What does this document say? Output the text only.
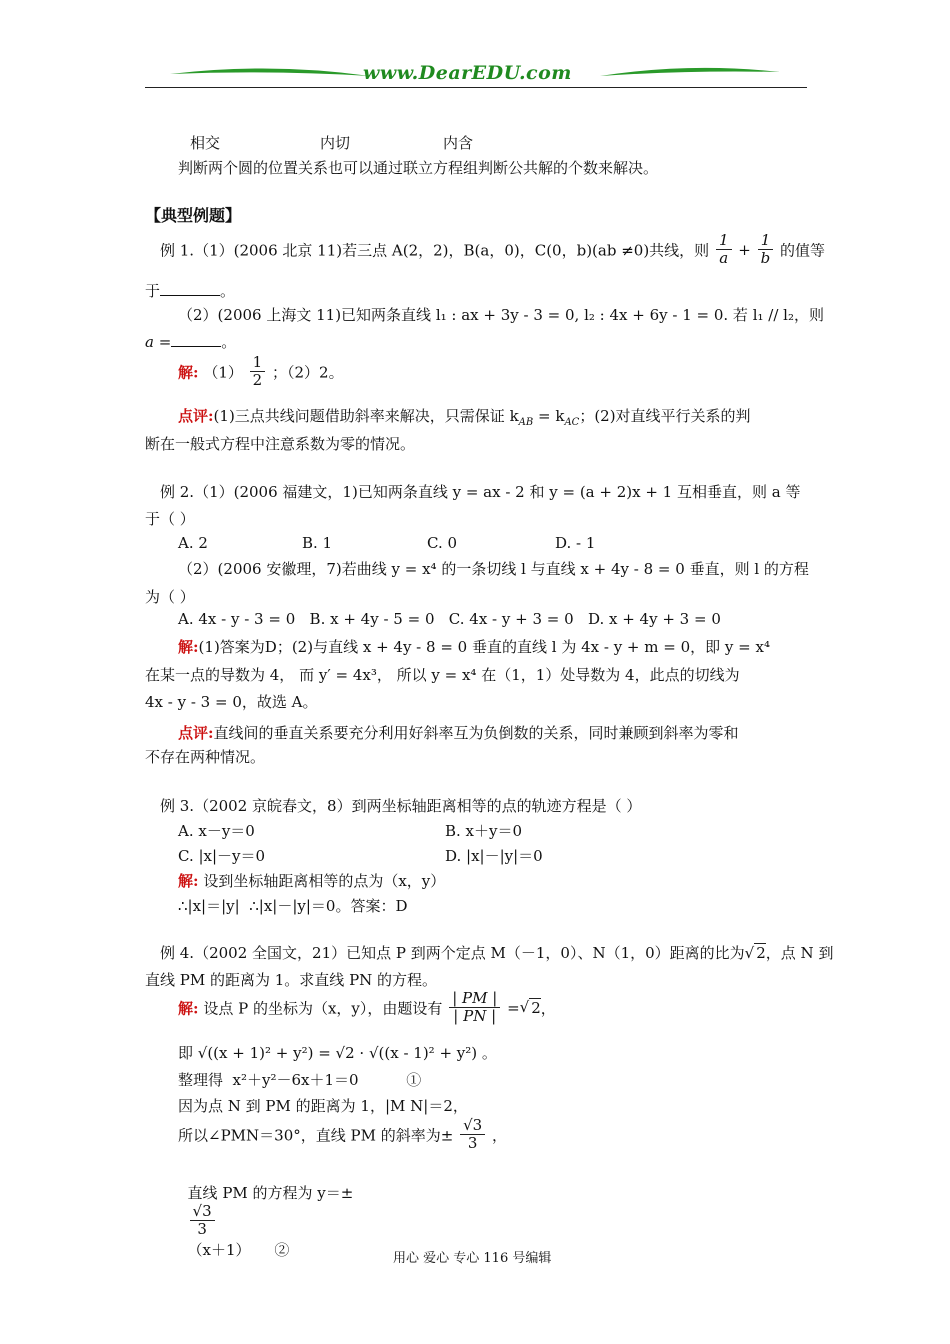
www.DearEDU.com
相交	内切	内含
判断两个圆的位置关系也可以通过联立方程组判断公共解的个数来解决。
【典型例题】
例 1.（1）(2006 北京 11)若三点 A(2，2)，B(a，0)，C(0，b)(ab ≠0)共线，则 $\frac{1}{a} + \frac{1}{b}$ 的值等
于	。
（2）(2006 上海文 11)已知两条直线 l₁ : ax + 3y - 3 = 0, l₂ : 4x + 6y - 1 = 0. 若 l₁ // l₂，则
a =	。
解: $(1) \frac{1}{2}$ ；（2）2。
点评:(1)三点共线问题借助斜率来解决，只需保证 $k_{AB} = k_{AC}$；(2)对直线平行关系的判
断在一般式方程中注意系数为零的情况。
例 2.（1）(2006 福建文，1)已知两条直线 y = ax - 2 和 y = (a + 2)x + 1 互相垂直，则 a 等
于（ ）
A. 2	B. 1	C. 0	D. - 1
（2）(2006 安徽理，7)若曲线 y = x⁴ 的一条切线 l 与直线 x + 4y - 8 = 0 垂直，则 l 的方程
为（ ）
A. 4x - y - 3 = 0   B. x + 4y - 5 = 0   C. 4x - y + 3 = 0   D. x + 4y + 3 = 0
解:(1)答案为D；(2)与直线 x + 4y - 8 = 0 垂直的直线 l 为 4x - y + m = 0，即 y = x⁴
在某一点的导数为 4， 而 y′ = 4x³， 所以 y = x⁴ 在（1，1）处导数为 4，此点的切线为
4x - y - 3 = 0，故选 A。
点评:直线间的垂直关系要充分利用好斜率互为负倒数的关系，同时兼顾到斜率为零和
不存在两种情况。
例 3.（2002 京皖春文，8）到两坐标轴距离相等的点的轨迹方程是（ ）
A. x－y＝0	B. x＋y＝0
C. |x|－y＝0	D. |x|－|y|＝0
解: 设到坐标轴距离相等的点为（x，y）
∴|x|＝|y|  ∴|x|－|y|＝0。答案：D
例 4.（2002 全国文，21）已知点 P 到两个定点 M（－1，0）、N（1，0）距离的比为√ 2，点 N 到
直线 PM 的距离为 1。求直线 PN 的方程。
解: 设点 P 的坐标为（x，y），由题设有 $\frac{| PM |}{| PN |}$ =√ 2，
即 √((x + 1)² + y²) = √2 · √((x - 1)² + y²) 。
整理得  x²＋y²－6x＋1＝0          ①
因为点 N 到 PM 的距离为 1，|M N|＝2，
所以∠PMN＝30°，直线 PM 的斜率为± $\frac{√3}{3}$ ，

直线 PM 的方程为 y＝±

$\frac{√3}{3}$

（x＋1）     ②	用心 爱心 专心 116 号编辑
